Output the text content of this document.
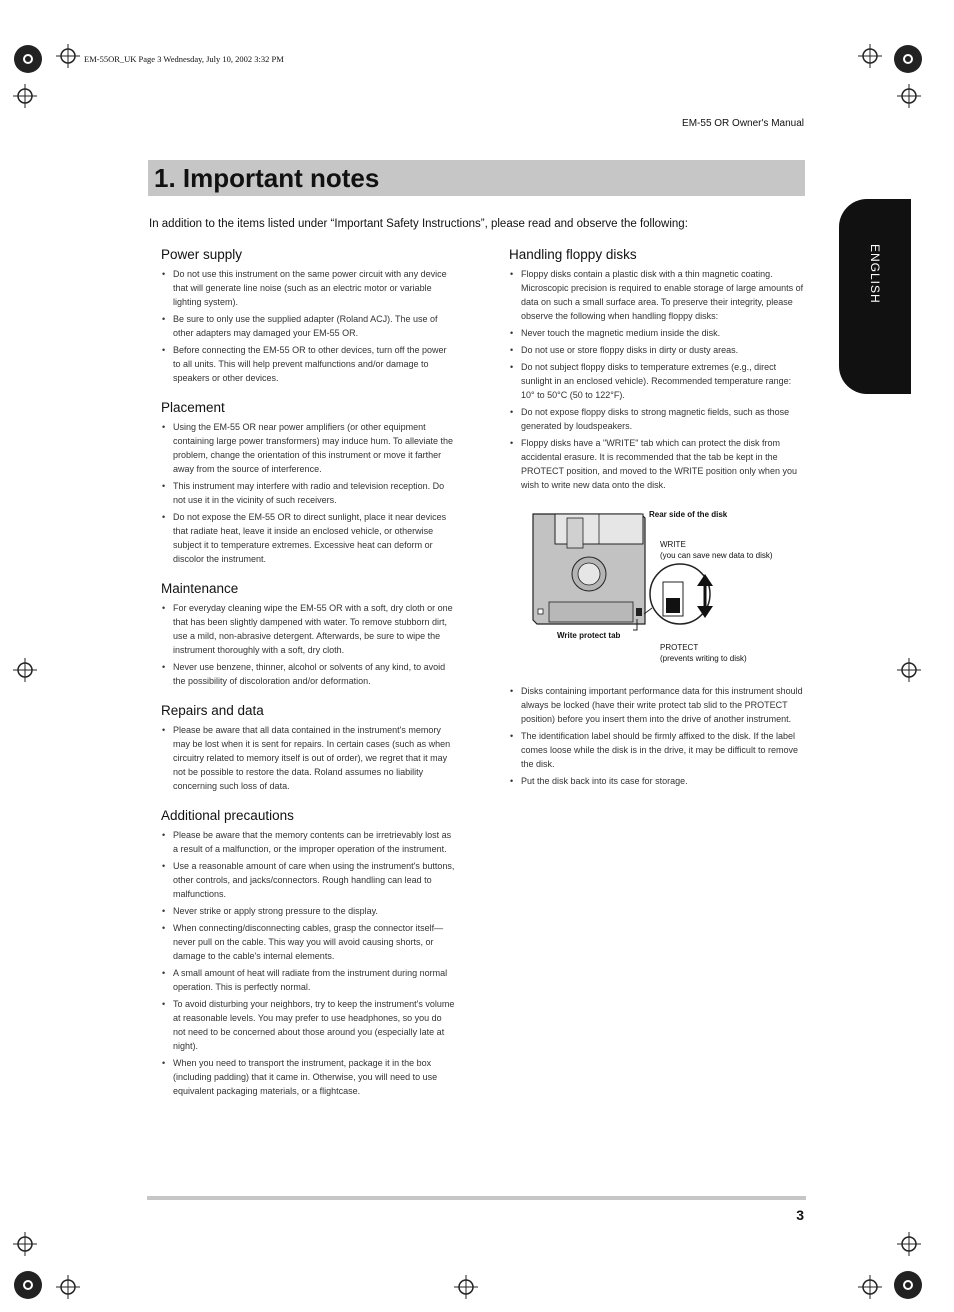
EM-55OR_UK Page 3 Wednesday, July 10, 2002 3:32 PM
EM-55 OR Owner's Manual
1. Important notes
In addition to the items listed under “Important Safety Instructions”, please read and observe the following:
ENGLISH
Power supply
• Do not use this instrument on the same power circuit with any device that will generate line noise (such as an electric motor or variable lighting system).
• Be sure to only use the supplied adapter (Roland ACJ). The use of other adapters may damaged your EM-55 OR.
• Before connecting the EM-55 OR to other devices, turn off the power to all units. This will help prevent malfunctions and/or damage to speakers or other devices.
Placement
• Using the EM-55 OR near power amplifiers (or other equipment containing large power transformers) may induce hum. To alleviate the problem, change the orientation of this instrument or move it farther away from the source of interference.
• This instrument may interfere with radio and television reception. Do not use it in the vicinity of such receivers.
• Do not expose the EM-55 OR to direct sunlight, place it near devices that radiate heat, leave it inside an enclosed vehicle, or otherwise subject it to temperature extremes. Excessive heat can deform or discolor the instrument.
Maintenance
• For everyday cleaning wipe the EM-55 OR with a soft, dry cloth or one that has been slightly dampened with water. To remove stubborn dirt, use a mild, non-abrasive detergent. Afterwards, be sure to wipe the instrument thoroughly with a soft, dry cloth.
• Never use benzene, thinner, alcohol or solvents of any kind, to avoid the possibility of discoloration and/or deformation.
Repairs and data
• Please be aware that all data contained in the instrument's memory may be lost when it is sent for repairs. In certain cases (such as when circuitry related to memory itself is out of order), we regret that it may not be possible to restore the data. Roland assumes no liability concerning such loss of data.
Additional precautions
• Please be aware that the memory contents can be irretrievably lost as a result of a malfunction, or the improper operation of the instrument.
• Use a reasonable amount of care when using the instrument's buttons, other controls, and jacks/connectors. Rough handling can lead to malfunctions.
• Never strike or apply strong pressure to the display.
• When connecting/disconnecting cables, grasp the connector itself—never pull on the cable. This way you will avoid causing shorts, or damage to the cable's internal elements.
• A small amount of heat will radiate from the instrument during normal operation. This is perfectly normal.
• To avoid disturbing your neighbors, try to keep the instrument's volume at reasonable levels. You may prefer to use headphones, so you do not need to be concerned about those around you (especially late at night).
• When you need to transport the instrument, package it in the box (including padding) that it came in. Otherwise, you will need to use equivalent packaging materials, or a flightcase.
Handling floppy disks
• Floppy disks contain a plastic disk with a thin magnetic coating. Microscopic precision is required to enable storage of large amounts of data on such a small surface area. To preserve their integrity, please observe the following when handling floppy disks:
• Never touch the magnetic medium inside the disk.
• Do not use or store floppy disks in dirty or dusty areas.
• Do not subject floppy disks to temperature extremes (e.g., direct sunlight in an enclosed vehicle). Recommended temperature range: 10° to 50°C (50 to 122°F).
• Do not expose floppy disks to strong magnetic fields, such as those generated by loudspeakers.
• Floppy disks have a "WRITE" tab which can protect the disk from accidental erasure. It is recommended that the tab be kept in the PROTECT position, and moved to the WRITE position only when you wish to write new data onto the disk.
Rear side of the disk
WRITE
(you can save new data to disk)
Write protect tab
PROTECT
(prevents writing to disk)
• Disks containing important performance data for this instrument should always be locked (have their write protect tab slid to the PROTECT position) before you insert them into the drive of another instrument.
• The identification label should be firmly affixed to the disk. If the label comes loose while the disk is in the drive, it may be difficult to remove the disk.
• Put the disk back into its case for storage.
3
